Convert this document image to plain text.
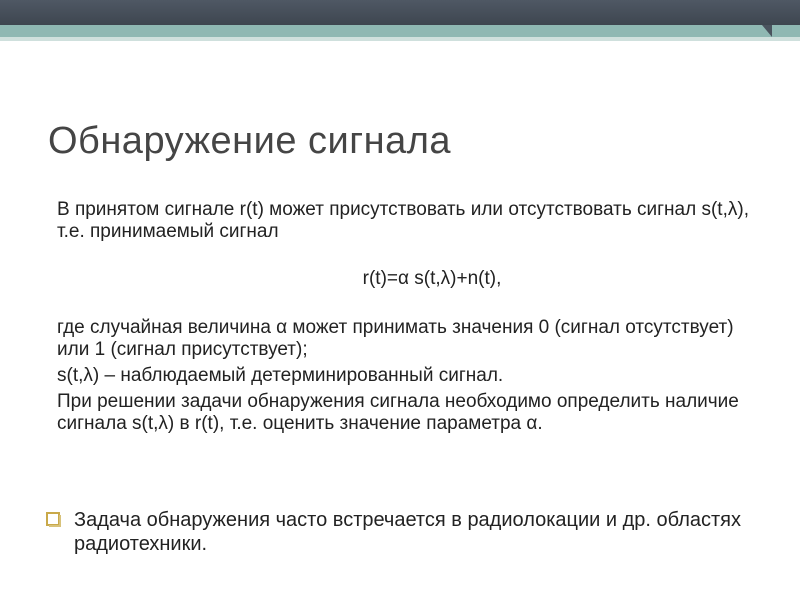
Обнаружение сигнала

В принятом сигнале r(t) может присутствовать или отсутствовать сигнал s(t,λ), т.е. принимаемый сигнал

r(t)=α s(t,λ)+n(t),

где случайная величина α может принимать значения 0 (сигнал отсутствует) или 1 (сигнал присутствует);

s(t,λ) – наблюдаемый детерминированный сигнал.

При решении задачи обнаружения сигнала необходимо определить наличие сигнала s(t,λ) в r(t), т.е. оценить значение параметра α.

Задача обнаружения часто встречается в радиолокации и др. областях радиотехники.
